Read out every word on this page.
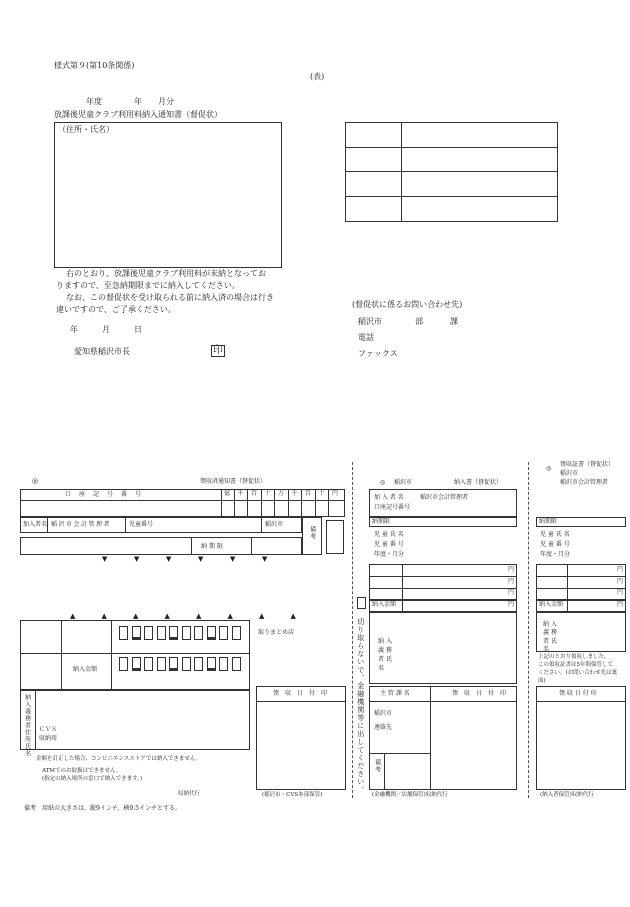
様式第９(第10条関係)
(表)
年度　　　　年　　月分
放課後児童クラブ利用料納入通知書（督促状）
（住所・氏名）
右のとおり、放課後児童クラブ利用料が未納となってお
りますので、至急納期限までに納入してください。
なお、この督促状を受け取られる前に納入済の場合は行き
違いですので、ご了承ください。
年　　　月　　　日
愛知県稲沢市長	印
(督促状に係るお問い合わせ先)
稲沢市	部	課
電話
ファックス
◎	領収済通知書（督促状）
口　座　記　号　番　号	億 千 百 十 万 千 百 十 円
加入者名 稲沢市会計管理者	児童番号	稲沢市
備考
納期限
▼	▼	▼	▼	▼	▼
▲	▲	▲	▲	▲	▲	▲	▲
納入金額
取りまとめ店
納入義務者住所氏名 ＣＶＳ
収納用
金額を訂正した場合、コンビニエンスストアでは納入できません。
ATMでのお取扱はできません。
(指定の納入場所の窓口で納入できます。)
収納代行
領　収　日　付　印
(稲沢市・CVS本部保管)
切り取らないで、金融機関等に出してください。
◎ 稲沢市	納入書（督促状）
加 入 者 名	稲沢市会計管理者
口座記号番号
納期限
児 童 氏 名
児 童 番 号
年度・月分
円
円
円
納入金額	円
納入義務者氏名
主 管 課 名	領　収　日　付　印
稲沢市
連絡先
備考
(金融機関／店舗保管)収納代行
◎
領収証書（督促状）
稲沢市
稲沢市会計管理者
納期限
児 童 氏 名
児 童 番 号
年度・月分
円
円
円
納入金額	円
納入義務者氏名
上記のとおり領収しました。
この領収証書は5年間保管して
ください。(お問い合わせ先は裏
面)
領 収 日 付 印
(納入者保管)収納代行
備考　用紙の大きさは、縦9インチ、横9.5インチとする。
